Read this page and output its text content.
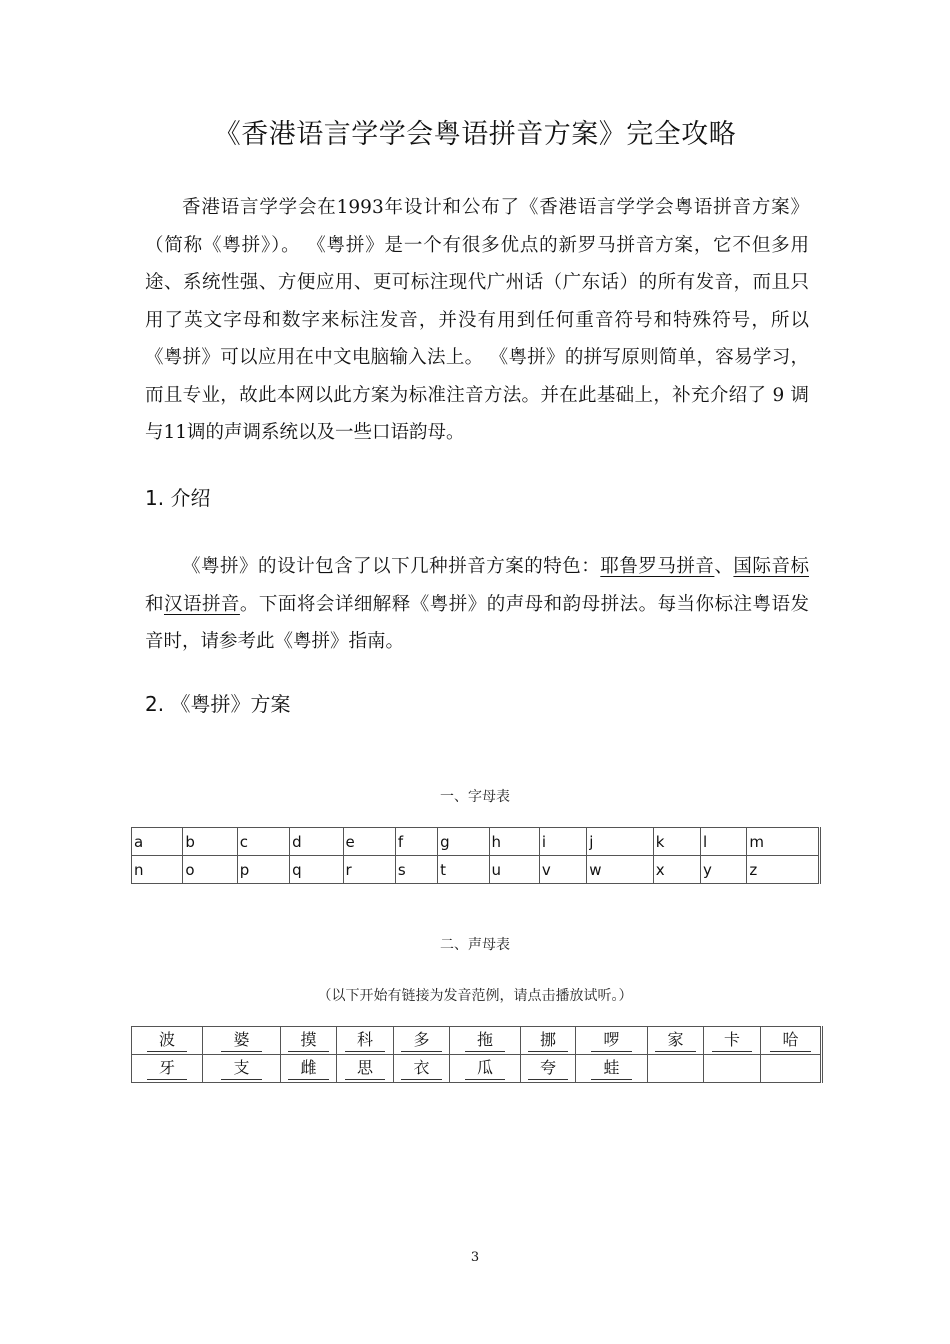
《香港语言学学会粤语拼音方案》完全攻略
香港语言学学会在1993年设计和公布了《香港语言学学会粤语拼音方案》（简称《粤拼》）。 《粤拼》是一个有很多优点的新罗马拼音方案，它不但多用途、系统性强、方便应用、更可标注现代广州话（广东话）的所有发音，而且只用了英文字母和数字来标注发音，并没有用到任何重音符号和特殊符号，所以《粤拼》可以应用在中文电脑输入法上。 《粤拼》的拼写原则简单，容易学习，而且专业，故此本网以此方案为标准注音方法。并在此基础上，补充介绍了 9 调与11调的声调系统以及一些口语韵母。
1. 介绍
《粤拼》的设计包含了以下几种拼音方案的特色：耶鲁罗马拼音、国际音标和汉语拼音。下面将会详细解释《粤拼》的声母和韵母拼法。每当你标注粤语发音时，请参考此《粤拼》指南。
2. 《粤拼》方案
一、字母表
a	b	c	d	e	f	g	h	i	j	k	l	m
n	o	p	q	r	s	t	u	v	w	x	y	z
二、声母表
（以下开始有链接为发音范例，请点击播放试听。）
波	婆	摸	科	多	拖	挪	啰	家	卡	哈
牙	支	雌	思	衣	瓜	夸	蛙			
3
